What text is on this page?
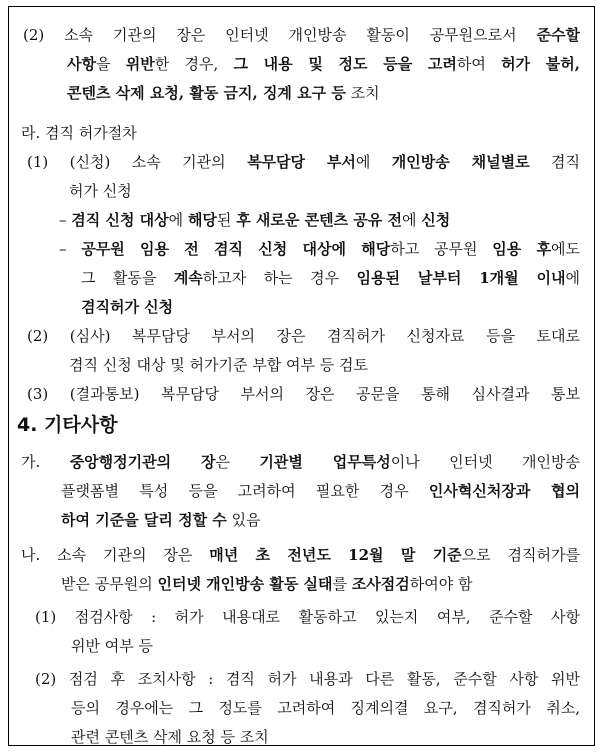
(2) 소속 기관의 장은 인터넷 개인방송 활동이 공무원으로서 준수할
사항을 위반한 경우, 그 내용 및 정도 등을 고려하여 허가 불허,
콘텐츠 삭제 요청, 활동 금지, 징계 요구 등 조치
라. 겸직 허가절차
(1) (신청) 소속 기관의 복무담당 부서에 개인방송 채널별로 겸직
허가 신청
– 겸직 신청 대상에 해당된 후 새로운 콘텐츠 공유 전에 신청
– 공무원 임용 전 겸직 신청 대상에 해당하고 공무원 임용 후에도
그 활동을 계속하고자 하는 경우 임용된 날부터 1개월 이내에
겸직허가 신청
(2) (심사) 복무담당 부서의 장은 겸직허가 신청자료 등을 토대로
겸직 신청 대상 및 허가기준 부합 여부 등 검토
(3) (결과통보) 복무담당 부서의 장은 공문을 통해 심사결과 통보
4. 기타사항
가. 중앙행정기관의 장은 기관별 업무특성이나 인터넷 개인방송
플랫폼별 특성 등을 고려하여 필요한 경우 인사혁신처장과 협의
하여 기준을 달리 정할 수 있음
나. 소속 기관의 장은 매년 초 전년도 12월 말 기준으로 겸직허가를
받은 공무원의 인터넷 개인방송 활동 실태를 조사점검하여야 함
(1) 점검사항 : 허가 내용대로 활동하고 있는지 여부, 준수할 사항
위반 여부 등
(2) 점검 후 조치사항 : 겸직 허가 내용과 다른 활동, 준수할 사항 위반
등의 경우에는 그 정도를 고려하여 징계의결 요구, 겸직허가 취소,
관련 콘텐츠 삭제 요청 등 조치
